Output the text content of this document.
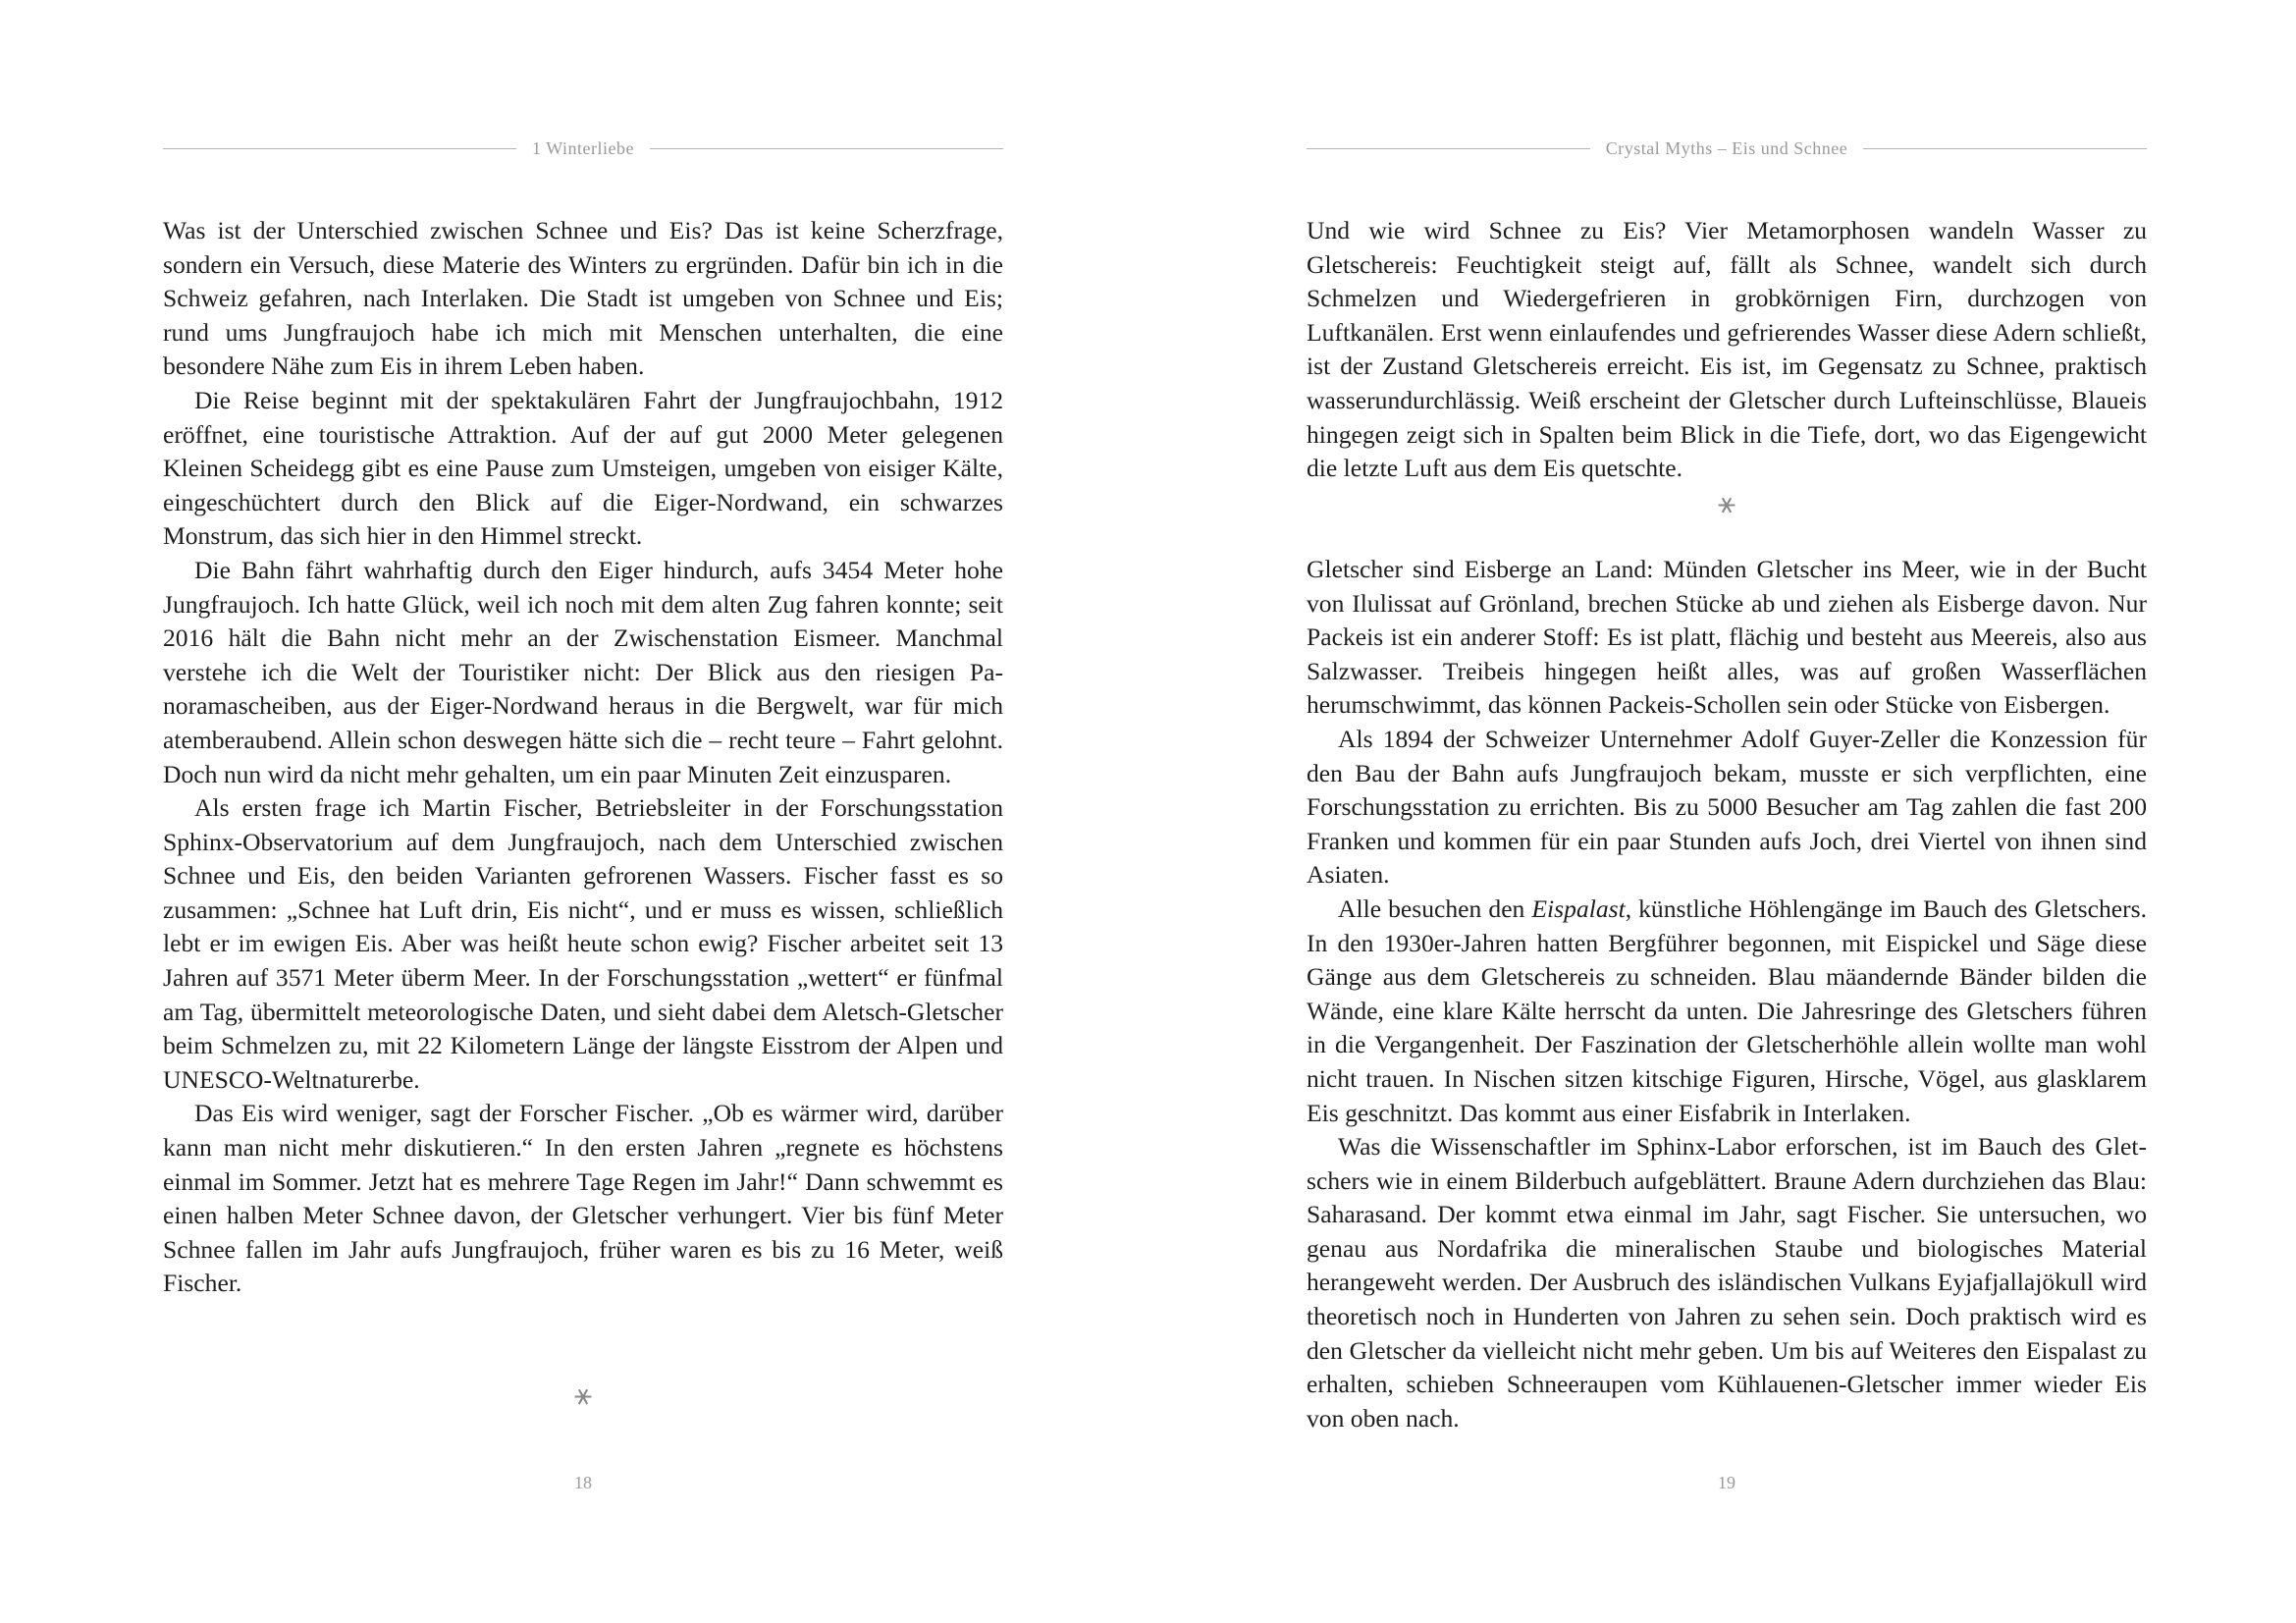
1 Winterliebe

Was ist der Unterschied zwischen Schnee und Eis? Das ist keine Scherzfrage, sondern ein Versuch, diese Materie des Winters zu ergründen. Dafür bin ich in die Schweiz gefahren, nach Interlaken. Die Stadt ist umgeben von Schnee und Eis; rund ums Jungfraujoch habe ich mich mit Menschen unterhalten, die eine besondere Nähe zum Eis in ihrem Leben haben.

Die Reise beginnt mit der spektakulären Fahrt der Jungfraujochbahn, 1912 eröffnet, eine touristische Attraktion. Auf der auf gut 2000 Meter gelegenen Kleinen Scheidegg gibt es eine Pause zum Umsteigen, umgeben von eisiger Kälte, eingeschüchtert durch den Blick auf die Eiger-Nordwand, ein schwarzes Monstrum, das sich hier in den Himmel streckt.

Die Bahn fährt wahrhaftig durch den Eiger hindurch, aufs 3454 Meter hohe Jungfraujoch. Ich hatte Glück, weil ich noch mit dem alten Zug fahren konnte; seit 2016 hält die Bahn nicht mehr an der Zwischenstation Eismeer. Manchmal verstehe ich die Welt der Touristiker nicht: Der Blick aus den riesigen Panoramascheiben, aus der Eiger-Nordwand heraus in die Bergwelt, war für mich atemberaubend. Allein schon deswegen hätte sich die – recht teure – Fahrt gelohnt. Doch nun wird da nicht mehr gehalten, um ein paar Minuten Zeit einzusparen.

Als ersten frage ich Martin Fischer, Betriebsleiter in der Forschungsstation Sphinx-Observatorium auf dem Jungfraujoch, nach dem Unterschied zwischen Schnee und Eis, den beiden Varianten gefrorenen Wassers. Fischer fasst es so zusammen: „Schnee hat Luft drin, Eis nicht“, und er muss es wissen, schließlich lebt er im ewigen Eis. Aber was heißt heute schon ewig? Fischer arbeitet seit 13 Jahren auf 3571 Meter überm Meer. In der Forschungsstation „wettert“ er fünfmal am Tag, übermittelt meteorologische Daten, und sieht dabei dem Aletsch-Gletscher beim Schmelzen zu, mit 22 Kilometern Länge der längste Eisstrom der Alpen und UNESCO-Weltnaturerbe.

Das Eis wird weniger, sagt der Forscher Fischer. „Ob es wärmer wird, darüber kann man nicht mehr diskutieren.“ In den ersten Jahren „regnete es höchstens einmal im Sommer. Jetzt hat es mehrere Tage Regen im Jahr!“ Dann schwemmt es einen halben Meter Schnee davon, der Gletscher verhungert. Vier bis fünf Meter Schnee fallen im Jahr aufs Jungfraujoch, früher waren es bis zu 16 Meter, weiß Fischer.

⚹
18
Crystal Myths – Eis und Schnee

Und wie wird Schnee zu Eis? Vier Metamorphosen wandeln Wasser zu Gletschereis: Feuchtigkeit steigt auf, fällt als Schnee, wandelt sich durch Schmelzen und Wiedergefrieren in grobkörnigen Firn, durchzogen von Luftkanälen. Erst wenn einlaufendes und gefrierendes Wasser diese Adern schließt, ist der Zustand Gletschereis erreicht. Eis ist, im Gegensatz zu Schnee, praktisch wasserundurchlässig. Weiß erscheint der Gletscher durch Lufteinschlüsse, Blaueis hingegen zeigt sich in Spalten beim Blick in die Tiefe, dort, wo das Eigengewicht die letzte Luft aus dem Eis quetschte.

⚹

Gletscher sind Eisberge an Land: Münden Gletscher ins Meer, wie in der Bucht von Ilulissat auf Grönland, brechen Stücke ab und ziehen als Eisberge davon. Nur Packeis ist ein anderer Stoff: Es ist platt, flächig und besteht aus Meereis, also aus Salzwasser. Treibeis hingegen heißt alles, was auf großen Wasserflächen herumschwimmt, das können Packeis-Schollen sein oder Stücke von Eisbergen.

Als 1894 der Schweizer Unternehmer Adolf Guyer-Zeller die Konzession für den Bau der Bahn aufs Jungfraujoch bekam, musste er sich verpflichten, eine Forschungsstation zu errichten. Bis zu 5000 Besucher am Tag zahlen die fast 200 Franken und kommen für ein paar Stunden aufs Joch, drei Viertel von ihnen sind Asiaten.

Alle besuchen den Eispalast, künstliche Höhlengänge im Bauch des Gletschers. In den 1930er-Jahren hatten Bergführer begonnen, mit Eispickel und Säge diese Gänge aus dem Gletschereis zu schneiden. Blau mäandernde Bänder bilden die Wände, eine klare Kälte herrscht da unten. Die Jahresringe des Gletschers führen in die Vergangenheit. Der Faszination der Gletscherhöhle allein wollte man wohl nicht trauen. In Nischen sitzen kitschige Figuren, Hirsche, Vögel, aus glasklarem Eis geschnitzt. Das kommt aus einer Eisfabrik in Interlaken.

Was die Wissenschaftler im Sphinx-Labor erforschen, ist im Bauch des Gletschers wie in einem Bilderbuch aufgeblättert. Braune Adern durchziehen das Blau: Saharasand. Der kommt etwa einmal im Jahr, sagt Fischer. Sie untersuchen, wo genau aus Nordafrika die mineralischen Staube und biologisches Material herangeweht werden. Der Ausbruch des isländischen Vulkans Eyjafjallajökull wird theoretisch noch in Hunderten von Jahren zu sehen sein. Doch praktisch wird es den Gletscher da vielleicht nicht mehr geben. Um bis auf Weiteres den Eispalast zu erhalten, schieben Schneeraupen vom Kühlauenen-Gletscher immer wieder Eis von oben nach.

19
